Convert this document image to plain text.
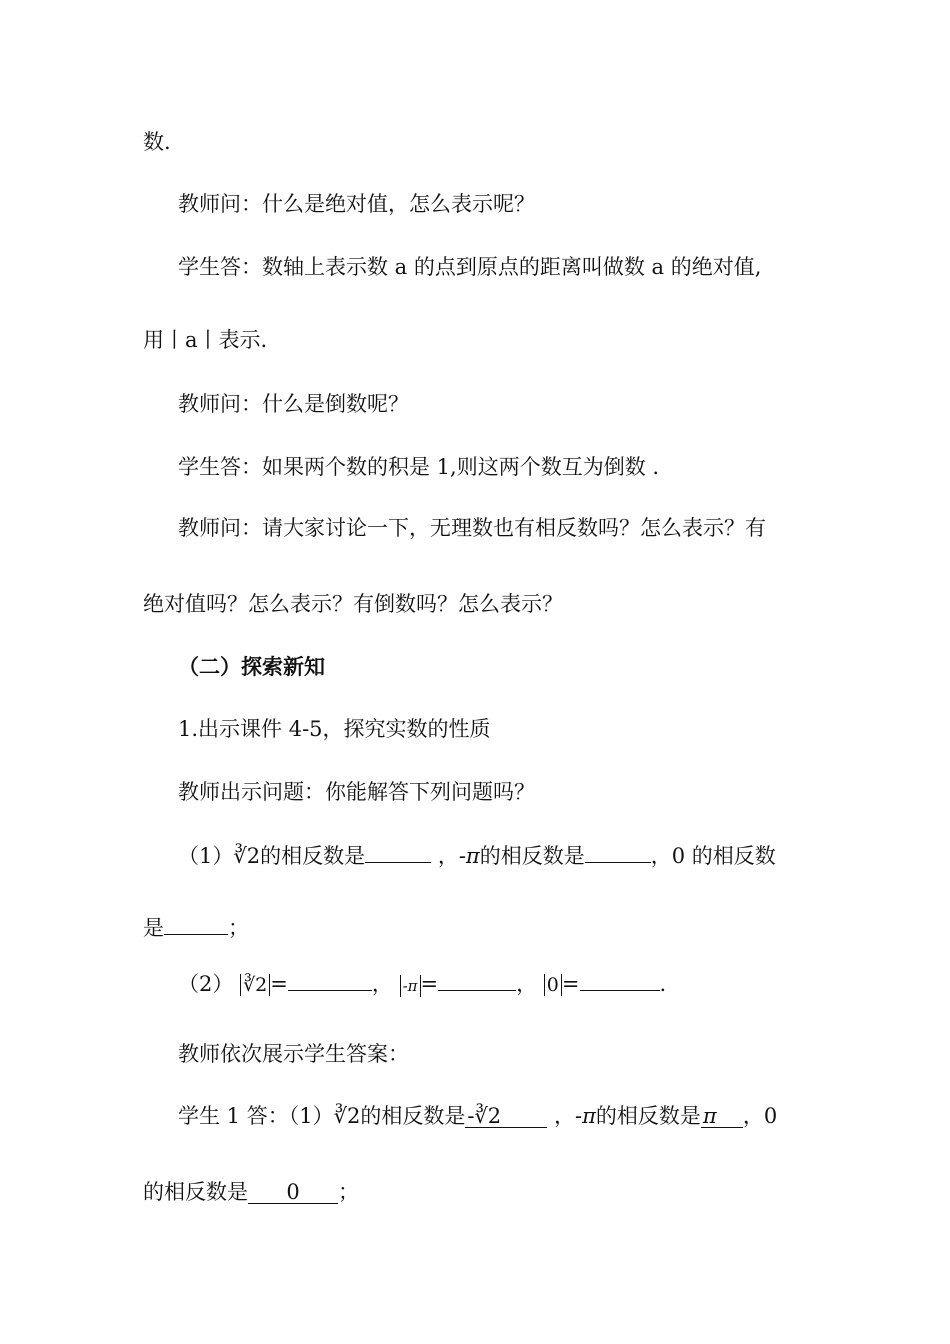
数.
教师问：什么是绝对值，怎么表示呢？
学生答：数轴上表示数 a 的点到原点的距离叫做数 a 的绝对值,
用丨a丨表示.
教师问：什么是倒数呢？
学生答：如果两个数的积是 1,则这两个数互为倒数 .
教师问：请大家讨论一下，无理数也有相反数吗？怎么表示？有
绝对值吗？怎么表示？有倒数吗？怎么表示？
（二）探索新知
1.出示课件 4-5，探究实数的性质
教师出示问题：你能解答下列问题吗？
（1）∛2的相反数是	，-π的相反数是	，0 的相反数
是	；
（2） ∛2 =	， -π =	， 0 =	.
教师依次展示学生答案：
学生 1 答：（1）∛2的相反数是-∛2	，-π的相反数是π ，0
的相反数是 0 ；
